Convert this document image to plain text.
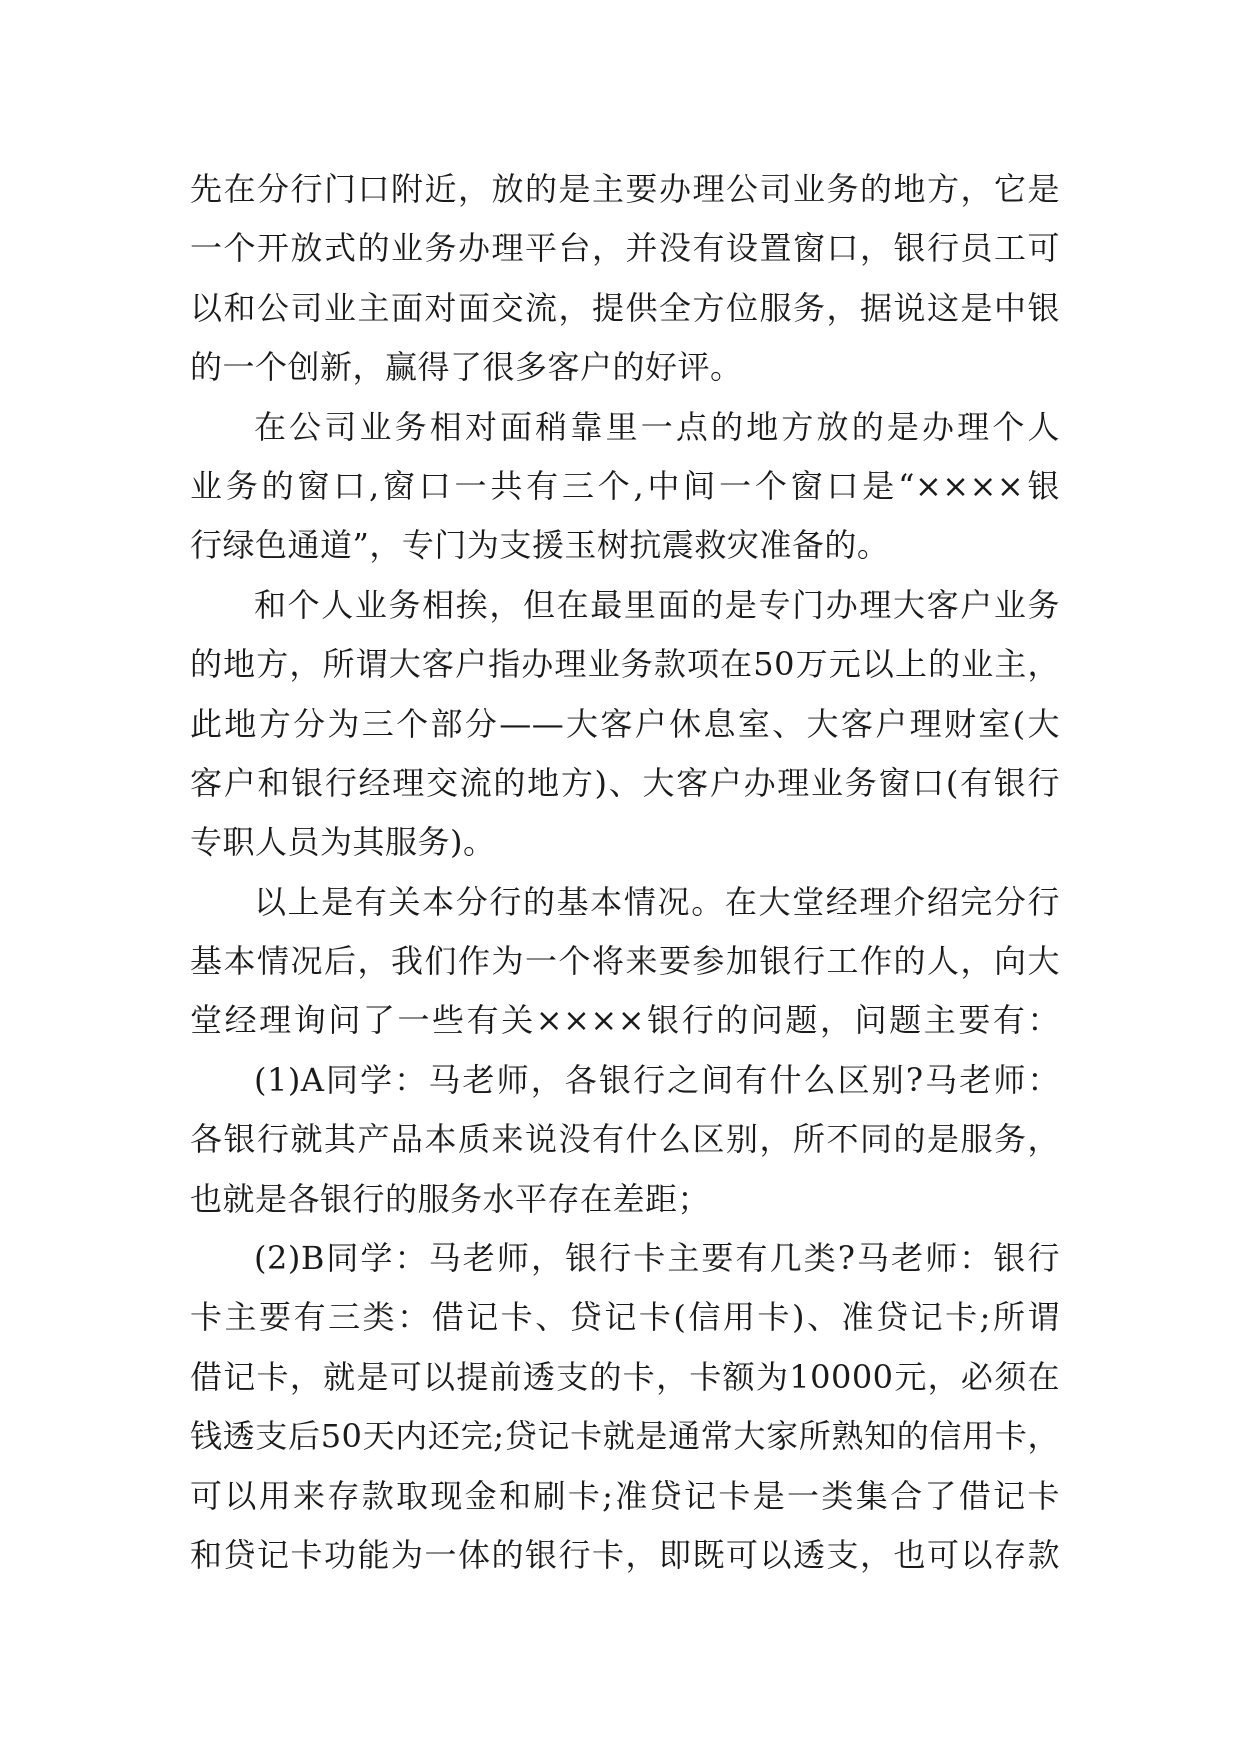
先在分行门口附近，放的是主要办理公司业务的地方，它是
一个开放式的业务办理平台，并没有设置窗口，银行员工可
以和公司业主面对面交流，提供全方位服务，据说这是中银
的一个创新，赢得了很多客户的好评。
在公司业务相对面稍靠里一点的地方放的是办理个人
业务的窗口,窗口一共有三个,中间一个窗口是“××××银
行绿色通道”，专门为支援玉树抗震救灾准备的。
和个人业务相挨，但在最里面的是专门办理大客户业务
的地方，所谓大客户指办理业务款项在50万元以上的业主，
此地方分为三个部分——大客户休息室、大客户理财室(大
客户和银行经理交流的地方)、大客户办理业务窗口(有银行
专职人员为其服务)。
以上是有关本分行的基本情况。在大堂经理介绍完分行
基本情况后，我们作为一个将来要参加银行工作的人，向大
堂经理询问了一些有关××××银行的问题，问题主要有：
(1)A同学：马老师，各银行之间有什么区别?马老师：
各银行就其产品本质来说没有什么区别，所不同的是服务，
也就是各银行的服务水平存在差距；
(2)B同学：马老师，银行卡主要有几类?马老师：银行
卡主要有三类：借记卡、贷记卡(信用卡)、准贷记卡;所谓
借记卡，就是可以提前透支的卡，卡额为10000元，必须在
钱透支后50天内还完;贷记卡就是通常大家所熟知的信用卡，
可以用来存款取现金和刷卡;准贷记卡是一类集合了借记卡
和贷记卡功能为一体的银行卡，即既可以透支，也可以存款
